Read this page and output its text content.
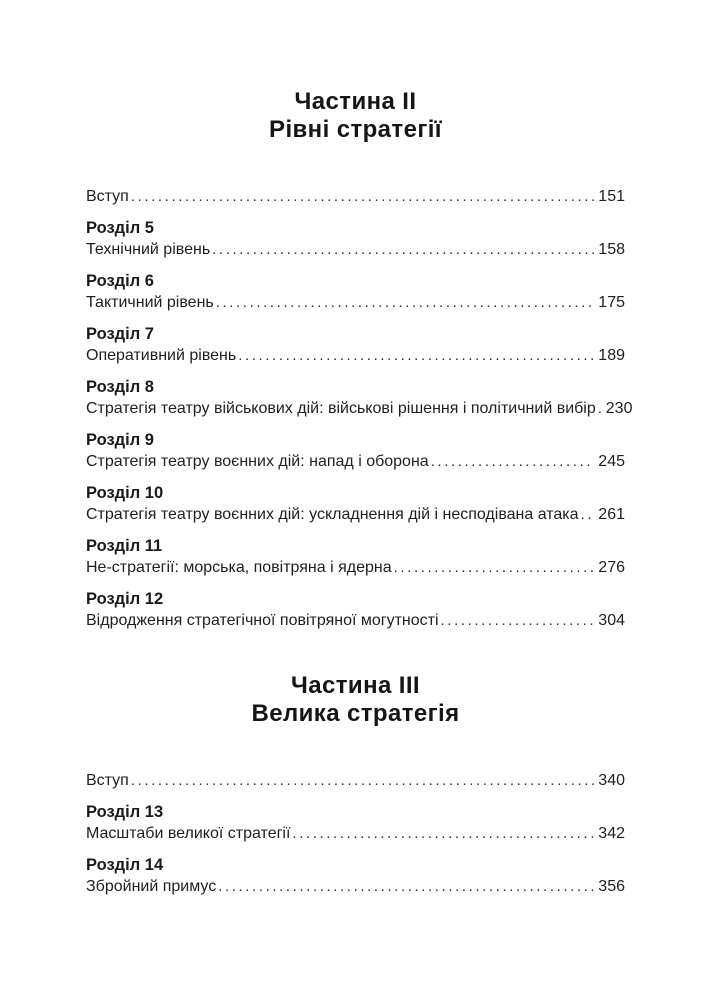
Частина II
Рівні стратегії
Вступ .....	151
Розділ 5
Технічний рівень .....	158
Розділ 6
Тактичний рівень .....	175
Розділ 7
Оперативний рівень .....	189
Розділ 8
Стратегія театру військових дій: військові рішення і політичний вибір ..... 230
Розділ 9
Стратегія театру воєнних дій: напад і оборона .....	245
Розділ 10
Стратегія театру воєнних дій: ускладнення дій і несподівана атака ..... 261
Розділ 11
Не-стратегії: морська, повітряна і ядерна .....	276
Розділ 12
Відродження стратегічної повітряної могутності .....	304
Частина III
Велика стратегія
Вступ .....	340
Розділ 13
Масштаби великої стратегії .....	342
Розділ 14
Збройний примус .....	356
